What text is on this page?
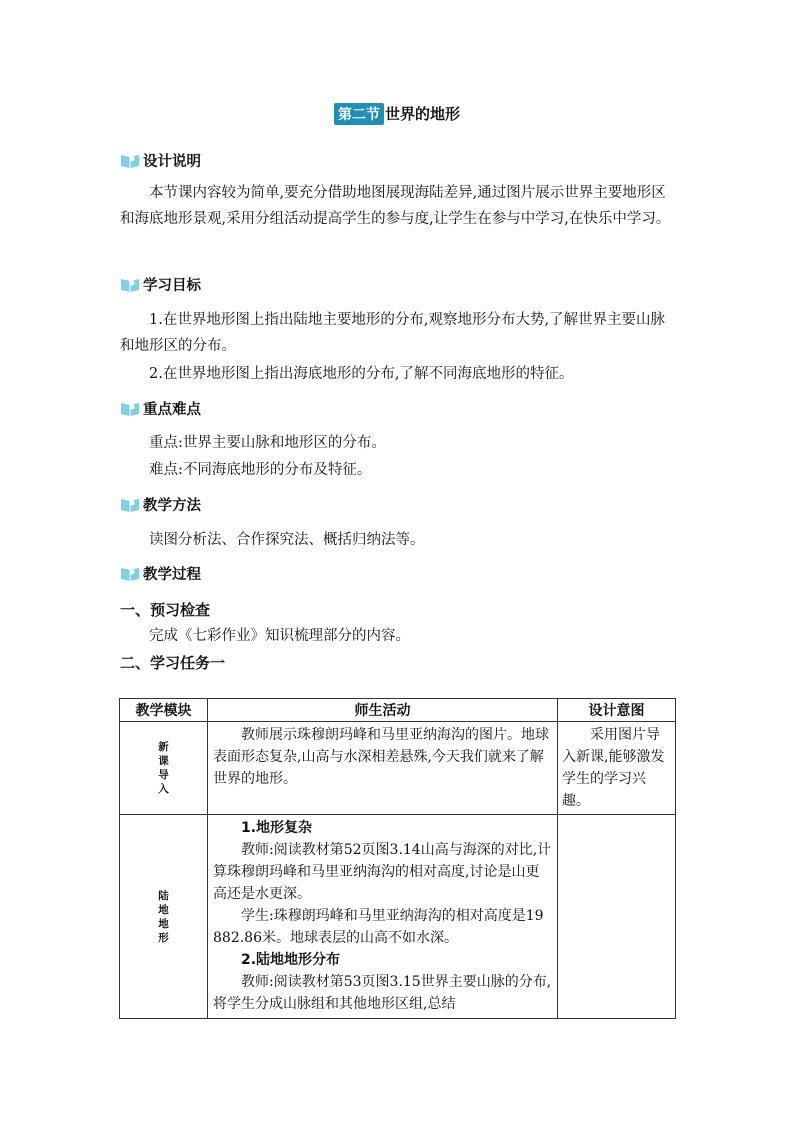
第二节 世界的地形
设计说明

本节课内容较为简单,要充分借助地图展现海陆差异,通过图片展示世界主要地形区和海底地形景观,采用分组活动提高学生的参与度,让学生在参与中学习,在快乐中学习。

学习目标

1.在世界地形图上指出陆地主要地形的分布,观察地形分布大势,了解世界主要山脉和地形区的分布。

2.在世界地形图上指出海底地形的分布,了解不同海底地形的特征。

重点难点
重点:世界主要山脉和地形区的分布。
难点:不同海底地形的分布及特征。
教学方法
读图分析法、合作探究法、概括归纳法等。
教学过程
一、预习检查
完成《七彩作业》知识梳理部分的内容。
二、学习任务一
教学模块	师生活动	设计意图

新课导入	教师展示珠穆朗玛峰和马里亚纳海沟的图片。地球表面形态复杂,山高与水深相差悬殊,今天我们就来了解世界的地形。	采用图片导入新课,能够激发学生的学习兴趣。

陆地地形	1.地形复杂

教师:阅读教材第52页图3.14山高与海深的对比,计算珠穆朗玛峰和马里亚纳海沟的相对高度,讨论是山更高还是水更深。

学生:珠穆朗玛峰和马里亚纳海沟的相对高度是19 882.86米。地球表层的山高不如水深。

2.陆地地形分布

教师:阅读教材第53页图3.15世界主要山脉的分布,将学生分成山脉组和其他地形区组,总结	
